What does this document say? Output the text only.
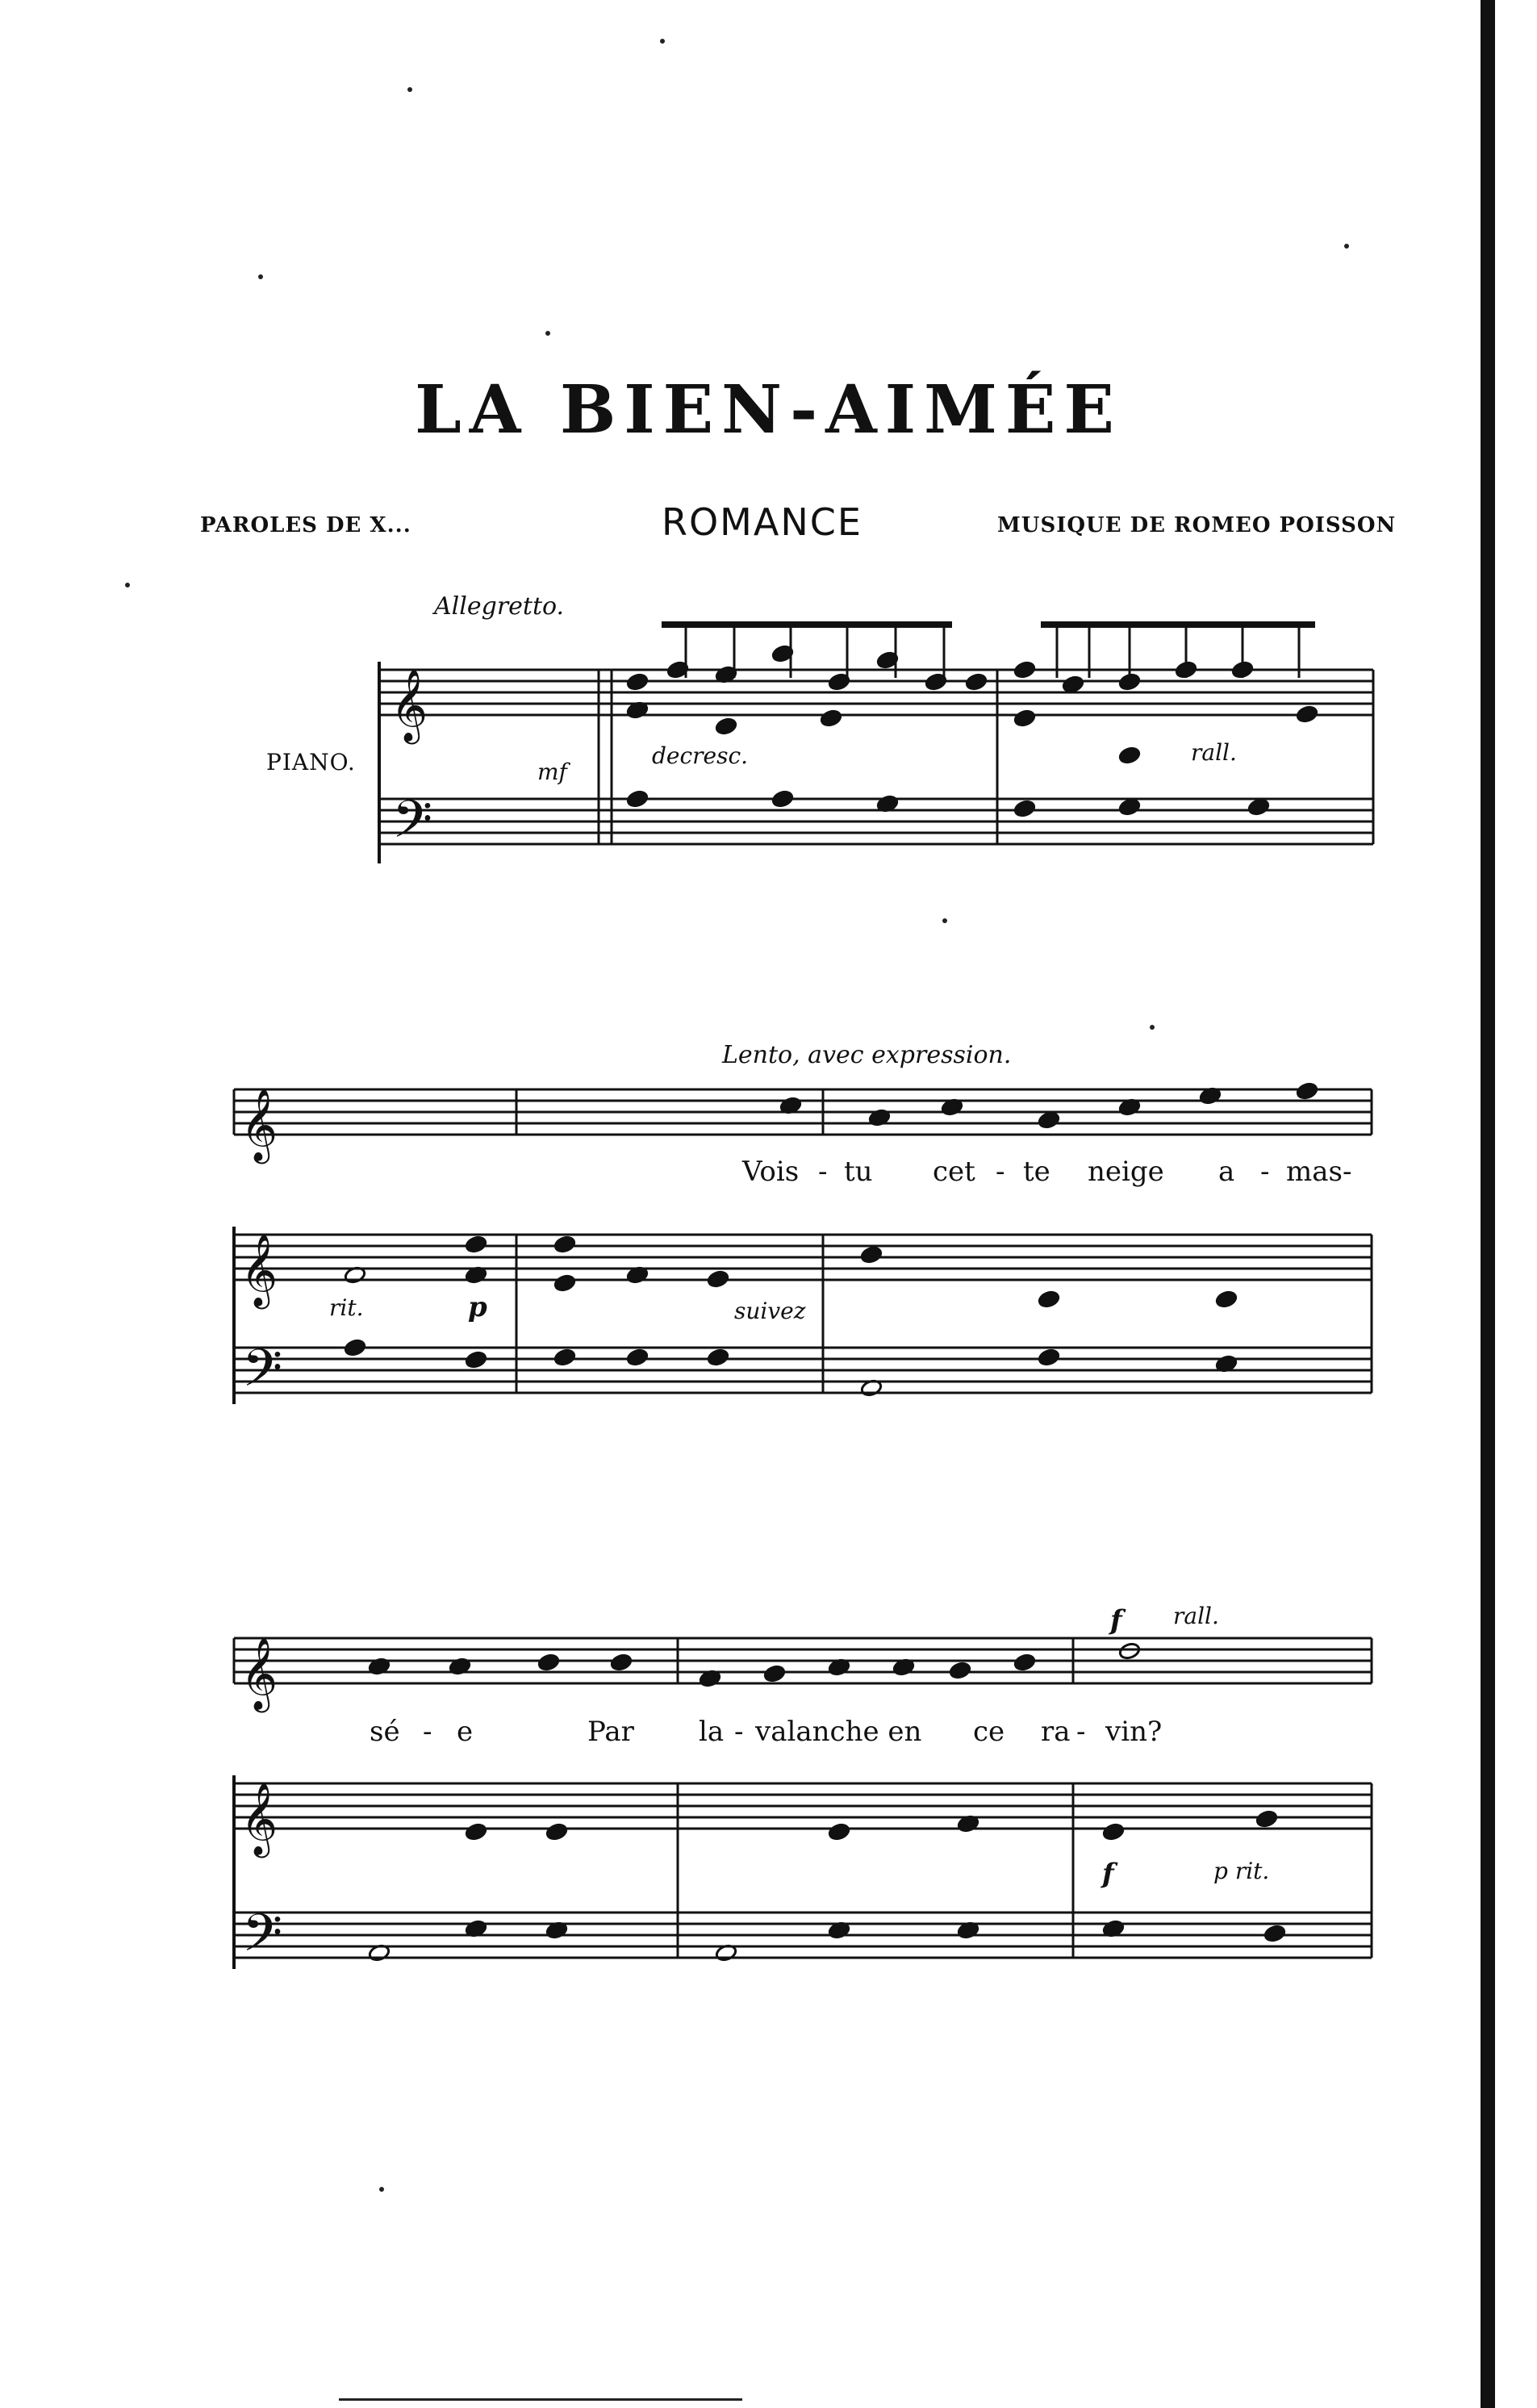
LA BIEN-AIMÉE
PAROLES DE X...	ROMANCE	MUSIQUE DE ROMEO POISSON
Allegretto.
PIANO.	mf
decresc.	rall.
Lento, avec expression.
Vois - tu cet - te neige a - mas-
rit.	p	suivez
sé - e	Par la - valanche en ce ra - vin?
f rall.
f	p rit.
𝄞
𝄢
𝄞
𝄞
𝄢
𝄞
𝄞
𝄢
